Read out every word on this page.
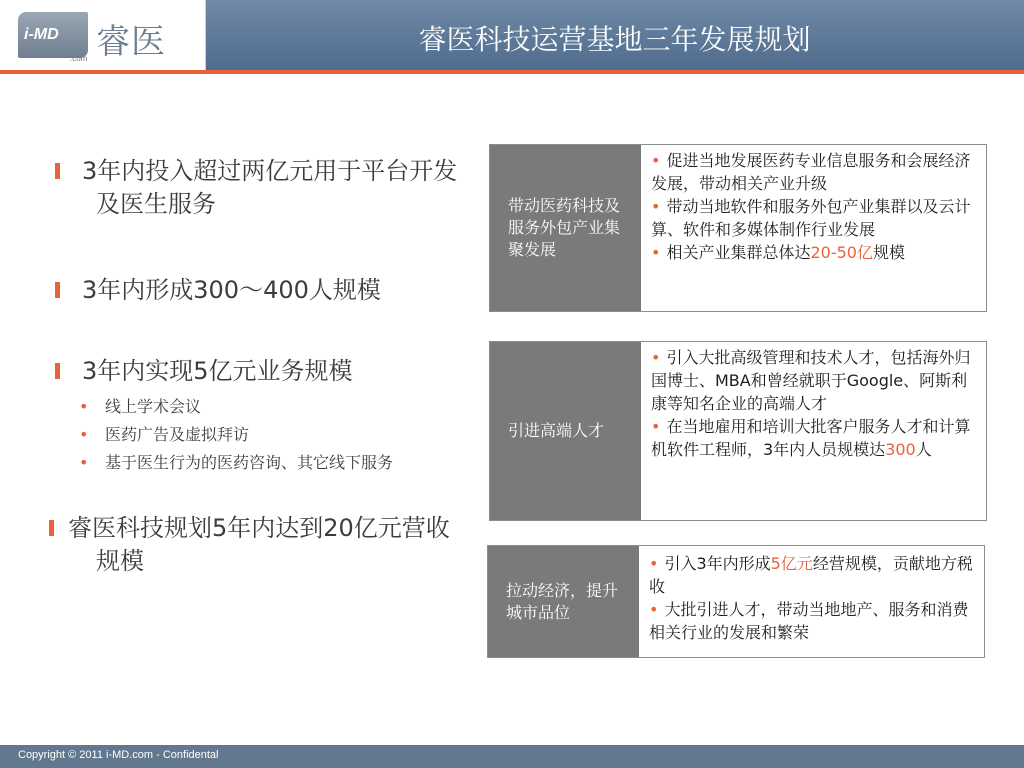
i-MD
.com 睿医	睿医科技运营基地三年发展规划
3年内投入超过两亿元用于平台开发及医生服务
3年内形成300～400人规模
3年内实现5亿元业务规模
• 线上学术会议
• 医药广告及虚拟拜访
• 基于医生行为的医药咨询、其它线下服务
睿医科技规划5年内达到20亿元营收规模
带动医药科技及服务外包产业集聚发展
• 促进当地发展医药专业信息服务和会展经济发展，带动相关产业升级
• 带动当地软件和服务外包产业集群以及云计算、软件和多媒体制作行业发展
• 相关产业集群总体达20-50亿规模
引进高端人才
• 引入大批高级管理和技术人才，包括海外归国博士、MBA和曾经就职于Google、阿斯利康等知名企业的高端人才
• 在当地雇用和培训大批客户服务人才和计算机软件工程师，3年内人员规模达300人
拉动经济，提升城市品位
• 引入3年内形成5亿元经营规模，贡献地方税收
• 大批引进人才，带动当地地产、服务和消费相关行业的发展和繁荣
Copyright © 2011 i-MD.com - Confidental
